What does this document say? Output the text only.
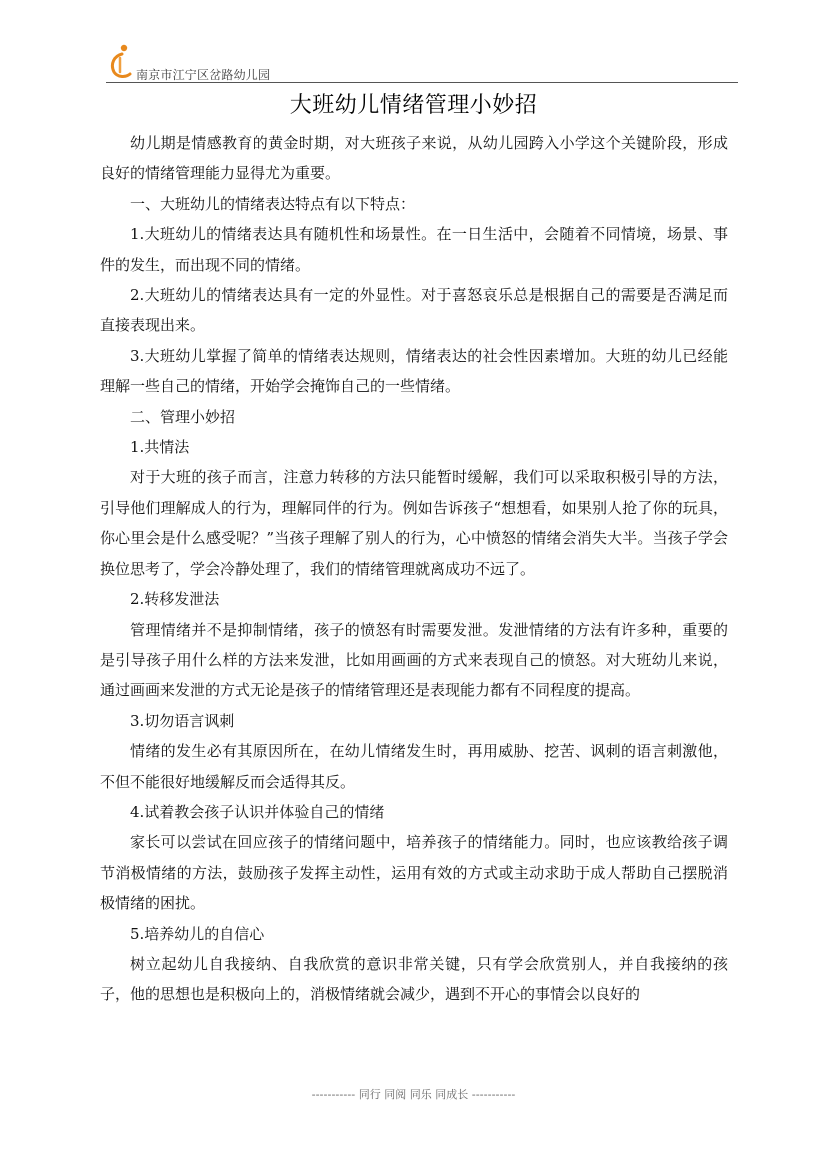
南京市江宁区岔路幼儿园
大班幼儿情绪管理小妙招

幼儿期是情感教育的黄金时期，对大班孩子来说，从幼儿园跨入小学这个关键阶段，形成良好的情绪管理能力显得尤为重要。

一、大班幼儿的情绪表达特点有以下特点：

1.大班幼儿的情绪表达具有随机性和场景性。在一日生活中，会随着不同情境，场景、事件的发生，而出现不同的情绪。

2.大班幼儿的情绪表达具有一定的外显性。对于喜怒哀乐总是根据自己的需要是否满足而直接表现出来。

3.大班幼儿掌握了简单的情绪表达规则，情绪表达的社会性因素增加。大班的幼儿已经能理解一些自己的情绪，开始学会掩饰自己的一些情绪。

二、管理小妙招

1.共情法

对于大班的孩子而言，注意力转移的方法只能暂时缓解，我们可以采取积极引导的方法，引导他们理解成人的行为，理解同伴的行为。例如告诉孩子“想想看，如果别人抢了你的玩具，你心里会是什么感受呢？”当孩子理解了别人的行为，心中愤怒的情绪会消失大半。当孩子学会换位思考了，学会冷静处理了，我们的情绪管理就离成功不远了。

2.转移发泄法

管理情绪并不是抑制情绪，孩子的愤怒有时需要发泄。发泄情绪的方法有许多种，重要的是引导孩子用什么样的方法来发泄，比如用画画的方式来表现自己的愤怒。对大班幼儿来说，通过画画来发泄的方式无论是孩子的情绪管理还是表现能力都有不同程度的提高。

3.切勿语言讽刺

情绪的发生必有其原因所在，在幼儿情绪发生时，再用威胁、挖苦、讽刺的语言刺激他，不但不能很好地缓解反而会适得其反。

4.试着教会孩子认识并体验自己的情绪

家长可以尝试在回应孩子的情绪问题中，培养孩子的情绪能力。同时，也应该教给孩子调节消极情绪的方法，鼓励孩子发挥主动性，运用有效的方式或主动求助于成人帮助自己摆脱消极情绪的困扰。

5.培养幼儿的自信心

树立起幼儿自我接纳、自我欣赏的意识非常关键，只有学会欣赏别人，并自我接纳的孩子，他的思想也是积极向上的，消极情绪就会减少，遇到不开心的事情会以良好的

----------- 同行 同阅 同乐 同成长 -----------
